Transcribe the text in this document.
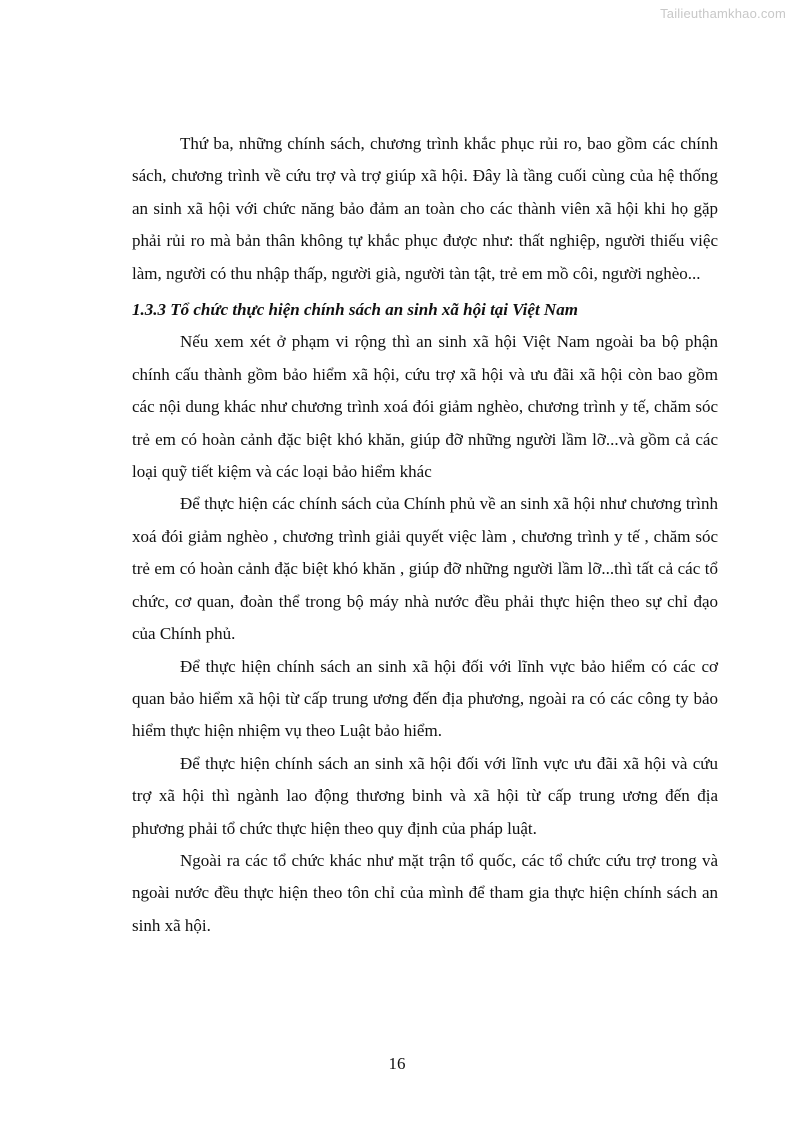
Tailieuthamkhao.com

Thứ ba, những chính sách, chương trình khắc phục rủi ro, bao gồm các chính sách, chương trình về cứu trợ và trợ giúp xã hội. Đây là tầng cuối cùng của hệ thống an sinh xã hội với chức năng bảo đảm an toàn cho các thành viên xã hội khi họ gặp phải rủi ro mà bản thân không tự khắc phục được như: thất nghiệp, người thiếu việc làm, người có thu nhập thấp, người già, người tàn tật, trẻ em mồ côi, người nghèo...

1.3.3 Tổ chức thực hiện chính sách an sinh xã hội tại Việt Nam

Nếu xem xét ở phạm vi rộng thì an sinh xã hội Việt Nam ngoài ba bộ phận chính cấu thành gồm bảo hiểm xã hội, cứu trợ xã hội và ưu đãi xã hội còn bao gồm các nội dung khác như chương trình xoá đói giảm nghèo, chương trình y tế, chăm sóc trẻ em có hoàn cảnh đặc biệt khó khăn, giúp đỡ những người lầm lỡ...và gồm cả các loại quỹ tiết kiệm và các loại bảo hiểm khác

Để thực hiện các chính sách của Chính phủ về an sinh xã hội như chương trình xoá đói giảm nghèo , chương trình giải quyết việc làm , chương trình y tế , chăm sóc trẻ em có hoàn cảnh đặc biệt khó khăn , giúp đỡ những người lầm lỡ...thì tất cả các tổ chức, cơ quan, đoàn thể trong bộ máy nhà nước đều phải thực hiện theo sự chỉ đạo của Chính phủ.

Để thực hiện chính sách an sinh xã hội đối với lĩnh vực bảo hiểm có các cơ quan bảo hiểm xã hội từ cấp trung ương đến địa phương, ngoài ra có các công ty bảo hiểm thực hiện nhiệm vụ theo Luật bảo hiểm.

Để thực hiện chính sách an sinh xã hội đối với lĩnh vực ưu đãi xã hội và cứu trợ xã hội thì ngành lao động thương binh và xã hội từ cấp trung ương đến địa phương phải tổ chức thực hiện theo quy định của pháp luật.

Ngoài ra các tổ chức khác như mặt trận tổ quốc, các tổ chức cứu trợ trong và ngoài nước đều thực hiện theo tôn chỉ của mình để tham gia thực hiện chính sách an sinh xã hội.

16
